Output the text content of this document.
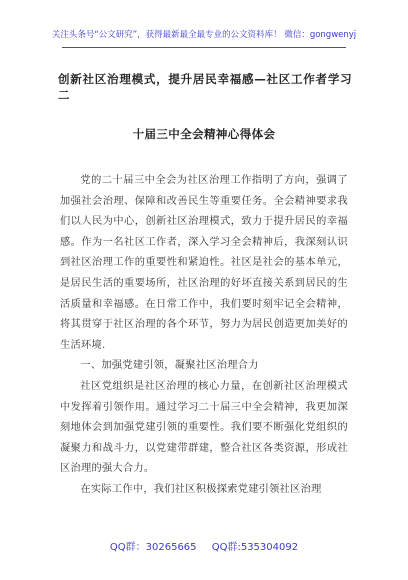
关注头条号“公文研究”，获得最新最全最专业的公文资料库！ 微信：gongwenyj
创新社区治理模式，提升居民幸福感—社区工作者学习二
十届三中全会精神心得体会

党的二十届三中全会为社区治理工作指明了方向，强调了加强社会治理、保障和改善民生等重要任务。全会精神要求我们以人民为中心，创新社区治理模式，致力于提升居民的幸福感。作为一名社区工作者，深入学习全会精神后，我深刻认识到社区治理工作的重要性和紧迫性。社区是社会的基本单元，是居民生活的重要场所，社区治理的好坏直接关系到居民的生活质量和幸福感。在日常工作中，我们要时刻牢记全会精神，将其贯穿于社区治理的各个环节，努力为居民创造更加美好的生活环境.

一、加强党建引领，凝聚社区治理合力

社区党组织是社区治理的核心力量，在创新社区治理模式中发挥着引领作用。通过学习二十届三中全会精神，我更加深刻地体会到加强党建引领的重要性。我们要不断强化党组织的凝聚力和战斗力，以党建带群建，整合社区各类资源，形成社区治理的强大合力。

在实际工作中，我们社区积极探索党建引领社区治理

QQ群：30265665 QQ群:535304092
